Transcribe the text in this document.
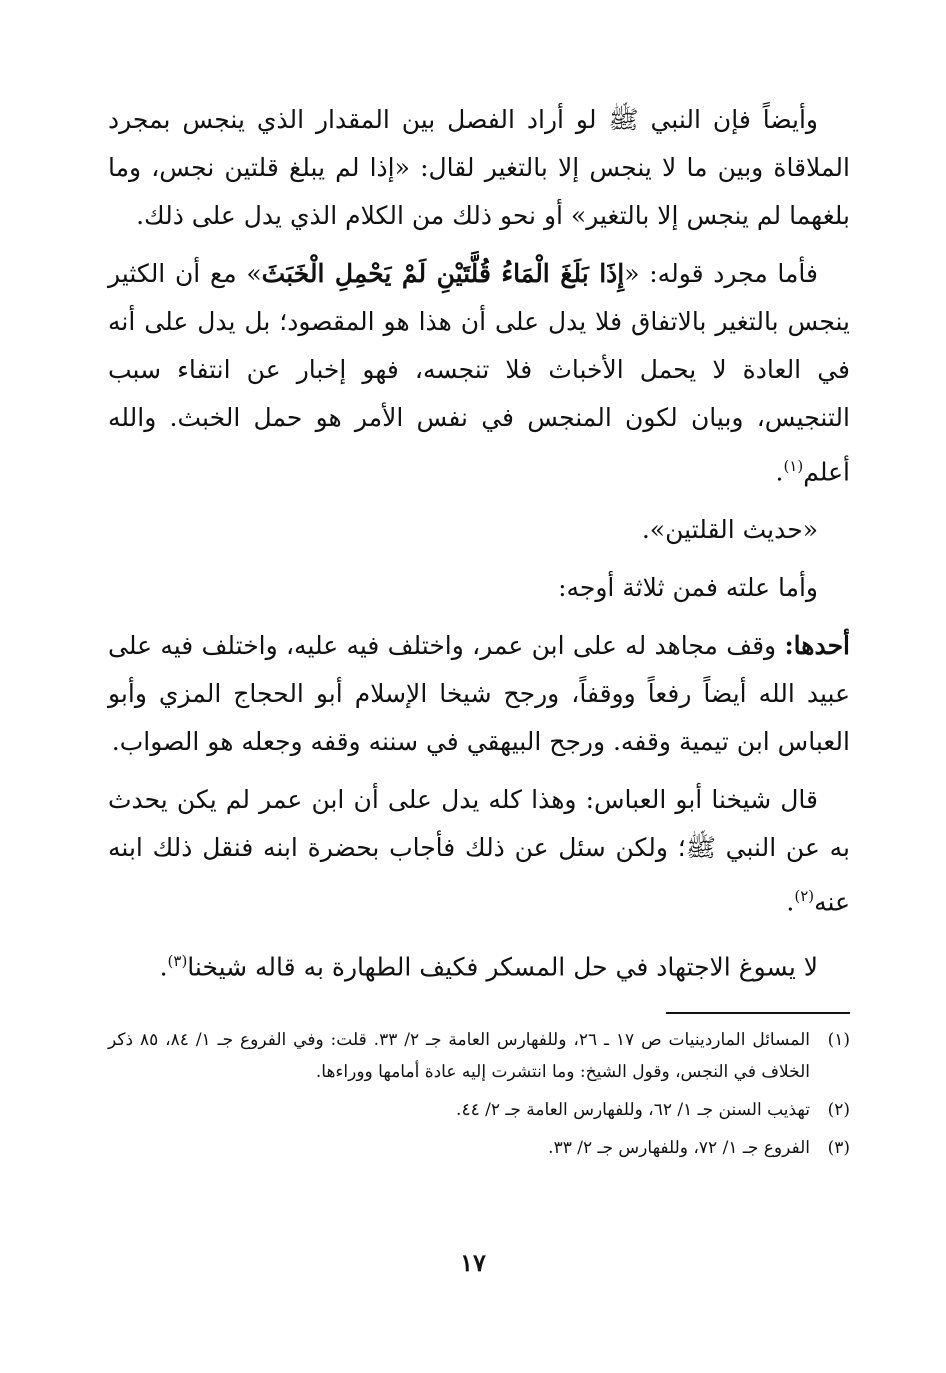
وأيضاً فإن النبي ﷺ لو أراد الفصل بين المقدار الذي ينجس بمجرد الملاقاة وبين ما لا ينجس إلا بالتغير لقال: «إذا لم يبلغ قلتين نجس، وما بلغهما لم ينجس إلا بالتغير» أو نحو ذلك من الكلام الذي يدل على ذلك.

فأما مجرد قوله: «إِذَا بَلَغَ الْمَاءُ قُلَّتَيْنِ لَمْ يَحْمِلِ الْخَبَثَ» مع أن الكثير ينجس بالتغير بالاتفاق فلا يدل على أن هذا هو المقصود؛ بل يدل على أنه في العادة لا يحمل الأخباث فلا تنجسه، فهو إخبار عن انتفاء سبب التنجيس، وبيان لكون المنجس في نفس الأمر هو حمل الخبث. والله أعلم$^{(١)}$.

«حديث القلتين».

وأما علته فمن ثلاثة أوجه:

أحدها: وقف مجاهد له على ابن عمر، واختلف فيه عليه، واختلف فيه على عبيد الله أيضاً رفعاً ووقفاً، ورجح شيخا الإسلام أبو الحجاج المزي وأبو العباس ابن تيمية وقفه. ورجح البيهقي في سننه وقفه وجعله هو الصواب.

قال شيخنا أبو العباس: وهذا كله يدل على أن ابن عمر لم يكن يحدث به عن النبي ﷺ؛ ولكن سئل عن ذلك فأجاب بحضرة ابنه فنقل ذلك ابنه عنه$^{(٢)}$.

لا يسوغ الاجتهاد في حل المسكر فكيف الطهارة به قاله شيخنا$^{(٣)}$.

(١)
المسائل الماردينيات ص ١٧ ـ ٢٦، وللفهارس العامة جـ ٢/ ٣٣. قلت: وفي الفروع جـ ١/ ٨٤، ٨٥ ذكر الخلاف في النجس، وقول الشيخ: وما انتشرت إليه عادة أمامها ووراءها.
(٢)
تهذيب السنن جـ ١/ ٦٢، وللفهارس العامة جـ ٢/ ٤٤.
(٣)
الفروع جـ ١/ ٧٢، وللفهارس جـ ٢/ ٣٣.
١٧
